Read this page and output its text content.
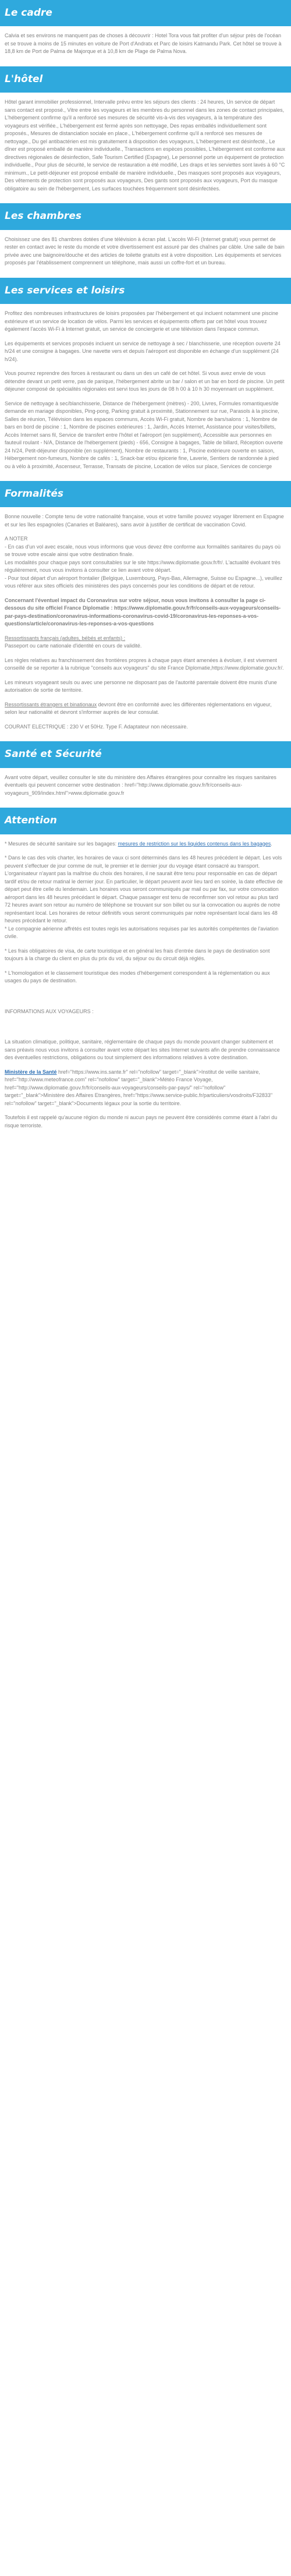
Le cadre

Calvia et ses environs ne manquent pas de choses à découvrir : Hotel Tora vous fait profiter d'un séjour près de l'océan et se trouve à moins de 15 minutes en voiture de Port d'Andratx et Parc de loisirs Katmandu Park. Cet hôtel se trouve à 18,8 km de Port de Palma de Majorque et à 10,8 km de Plage de Palma Nova.

L'hôtel

Hôtel garant immobilier professionnel, Intervalle prévu entre les séjours des clients : 24 heures, Un service de départ sans contact est proposé., Vitre entre les voyageurs et les membres du personnel dans les zones de contact principales, L'hébergement confirme qu'il a renforcé ses mesures de sécurité vis-à-vis des voyageurs, à la température des voyageurs est vérifiée., L'hébergement est fermé après son nettoyage, Des repas emballés individuellement sont proposés., Mesures de distanciation sociale en place., L'hébergement confirme qu'il a renforcé ses mesures de nettoyage., Du gel antibactérien est mis gratuitement à disposition des voyageurs, L'hébergement est désinfecté., Le dîner est proposé emballé de manière individuelle., Transactions en espèces possibles, L'hébergement est conforme aux directives régionales de désinfection, Safe Tourism Certified (Espagne), Le personnel porte un équipement de protection individuelle., Pour plus de sécurité, le service de restauration a été modifié, Les draps et les serviettes sont lavés à 60 °C minimum., Le petit-déjeuner est proposé emballé de manière individuelle., Des masques sont proposés aux voyageurs, Des vêtements de protection sont proposés aux voyageurs, Des gants sont proposés aux voyageurs, Port du masque obligatoire au sein de l'hébergement, Les surfaces touchées fréquemment sont désinfectées.

Les chambres

Choisissez une des 81 chambres dotées d'une télévision à écran plat. L'accès Wi-Fi (Internet gratuit) vous permet de rester en contact avec le reste du monde et votre divertissement est assuré par des chaînes par câble. Une salle de bain privée avec une baignoire/douche et des articles de toilette gratuits est à votre disposition. Les équipements et services proposés par l'établissement comprennent un téléphone, mais aussi un coffre-fort et un bureau.

Les services et loisirs

Profitez des nombreuses infrastructures de loisirs proposées par l'hébergement et qui incluent notamment une piscine extérieure et un service de location de vélos. Parmi les services et équipements offerts par cet hôtel vous trouvez également l'accès Wi-Fi à Internet gratuit, un service de conciergerie et une télévision dans l'espace commun.

Les équipements et services proposés incluent un service de nettoyage à sec / blanchisserie, une réception ouverte 24 h/24 et une consigne à bagages. Une navette vers et depuis l'aéroport est disponible en échange d'un supplément (24 h/24).

Vous pourrez reprendre des forces à restaurant ou dans un des un café de cet hôtel. Si vous avez envie de vous détendre devant un petit verre, pas de panique, l'hébergement abrite un bar / salon et un bar en bord de piscine. Un petit déjeuner composé de spécialités régionales est servi tous les jours de 08 h 00 à 10 h 30 moyennant un supplément.

Service de nettoyage à sec/blanchisserie, Distance de l'hébergement (mètres) - 200, Livres, Formules romantiques/de demande en mariage disponibles, Ping-pong, Parking gratuit à proximité, Stationnement sur rue, Parasols à la piscine, Salles de réunion, Télévision dans les espaces communs, Accès Wi-Fi gratuit, Nombre de bars/salons : 1, Nombre de bars en bord de piscine : 1, Nombre de piscines extérieures : 1, Jardin, Accès Internet, Assistance pour visites/billets, Accès Internet sans fil, Service de transfert entre l'hôtel et l'aéroport (en supplément), Accessible aux personnes en fauteuil roulant - N/A, Distance de l'hébergement (pieds) - 656, Consigne à bagages, Table de billard, Réception ouverte 24 h/24, Petit-déjeuner disponible (en supplément), Nombre de restaurants : 1, Piscine extérieure ouverte en saison, Hébergement non-fumeurs, Nombre de cafés : 1, Snack-bar et/ou épicerie fine, Laverie, Sentiers de randonnée à pied ou à vélo à proximité, Ascenseur, Terrasse, Transats de piscine, Location de vélos sur place, Services de concierge

Formalités

Bonne nouvelle : Compte tenu de votre nationalité française, vous et votre famille pouvez voyager librement en Espagne et sur les îles espagnoles (Canaries et Baléares), sans avoir à justifier de certificat de vaccination Covid.

A NOTER
- En cas d'un vol avec escale, nous vous informons que vous devez être conforme aux formalités sanitaires du pays où se trouve votre escale ainsi que votre destination finale.
Les modalités pour chaque pays sont consultables sur le site https://www.diplomatie.gouv.fr/fr/. L'actualité évoluant très régulièrement, nous vous invitons à consulter ce lien avant votre départ.
- Pour tout départ d'un aéroport frontalier (Belgique, Luxembourg, Pays-Bas, Allemagne, Suisse ou Espagne...), veuillez vous référer aux sites officiels des ministères des pays concernés pour les conditions de départ et de retour.

Concernant l'éventuel impact du Coronavirus sur votre séjour, nous vous invitons à consulter la page ci-dessous du site officiel France Diplomatie : https://www.diplomatie.gouv.fr/fr/conseils-aux-voyageurs/conseils-par-pays-destination/coronavirus-informations-coronavirus-covid-19/coronavirus-les-reponses-a-vos-questions/article/coronavirus-les-reponses-a-vos-questions

Ressortissants français (adultes, bébés et enfants) :
Passeport ou carte nationale d'identité en cours de validité.

Les règles relatives au franchissement des frontières propres à chaque pays étant amenées à évoluer, il est vivement conseillé de se reporter à la rubrique "conseils aux voyageurs" du site France Diplomatie,https://www.diplomatie.gouv.fr/.

Les mineurs voyageant seuls ou avec une personne ne disposant pas de l'autorité parentale doivent être munis d'une autorisation de sortie de territoire.

Ressortissants étrangers et binationaux devront être en conformité avec les différentes réglementations en vigueur, selon leur nationalité et devront s'informer auprès de leur consulat.

COURANT ELECTRIQUE : 230 V et 50Hz. Type F. Adaptateur non nécessaire.

Santé et Sécurité

Avant votre départ, veuillez consulter le site du ministère des Affaires étrangères pour connaître les risques sanitaires éventuels qui peuvent concerner votre destination : href="http://www.diplomatie.gouv.fr/fr/conseils-aux-voyageurs_909/index.html">www.diplomatie.gouv.fr

Attention

* Mesures de sécurité sanitaire sur les bagages: mesures de restriction sur les liquides contenus dans les bagages.

* Dans le cas des vols charter, les horaires de vaux ci sont déterminés dans les 48 heures précédent le départ. Les vols peuvent s'effectuer de jour comme de nuit, le premier et le dernier jour du voyage étant consacré au transport. L'organisateur n'ayant pas la maîtrise du choix des horaires, il ne saurait être tenu pour responsable en cas de départ tardif et/ou de retour matinal le dernier jour. En particulier, le départ peuvent avoir lieu tard en soirée, la date effective de départ peut être celle du lendemain. Les horaires vous seront communiqués par mail ou par fax, sur votre convocation aéroport dans les 48 heures précédant le départ. Chaque passager est tenu de reconfirmer son vol retour au plus tard 72 heures avant son retour au numéro de téléphone se trouvant sur son billet ou sur la convocation ou auprès de notre représentant local. Les horaires de retour définitifs vous seront communiqués par notre représentant local dans les 48 heures précédant le retour.
* Le compagnie aérienne affrétés est toutes regis les autorisations requises par les autorités compétentes de l'aviation civile.

* Les frais obligatoires de visa, de carte touristique et en général les frais d'entrée dans le pays de destination sont toujours à la charge du client en plus du prix du vol, du séjour ou du circuit déjà réglés.

* L'homologation et le classement touristique des modes d'hébergement correspondent à la réglementation ou aux usages du pays de destination.

INFORMATIONS AUX VOYAGEURS :

La situation climatique, politique, sanitaire, réglementaire de chaque pays du monde pouvant changer subitement et sans préavis nous vous invitons à consulter avant votre départ les sites Internet suivants afin de prendre connaissance des éventuelles restrictions, obligations ou tout simplement des informations relatives à votre destination.

Ministère de la Santé href="https://www.ins.sante.fr" rel="nofollow" target="_blank">Institut de veille sanitaire, href="http://www.meteofrance.com" rel="nofollow" target="_blank">Météo France Voyage, href="http://www.diplomatie.gouv.fr/fr/conseils-aux-voyageurs/conseils-par-pays/" rel="nofollow" target="_blank">Ministère des Affaires Etrangères, href="https://www.service-public.fr/particuliers/vosdroits/F32833" rel="nofollow" target="_blank">Documents légaux pour la sortie du territoire.

Toutefois il est rappelé qu'aucune région du monde ni aucun pays ne peuvent être considérés comme étant à l'abri du risque terroriste.
